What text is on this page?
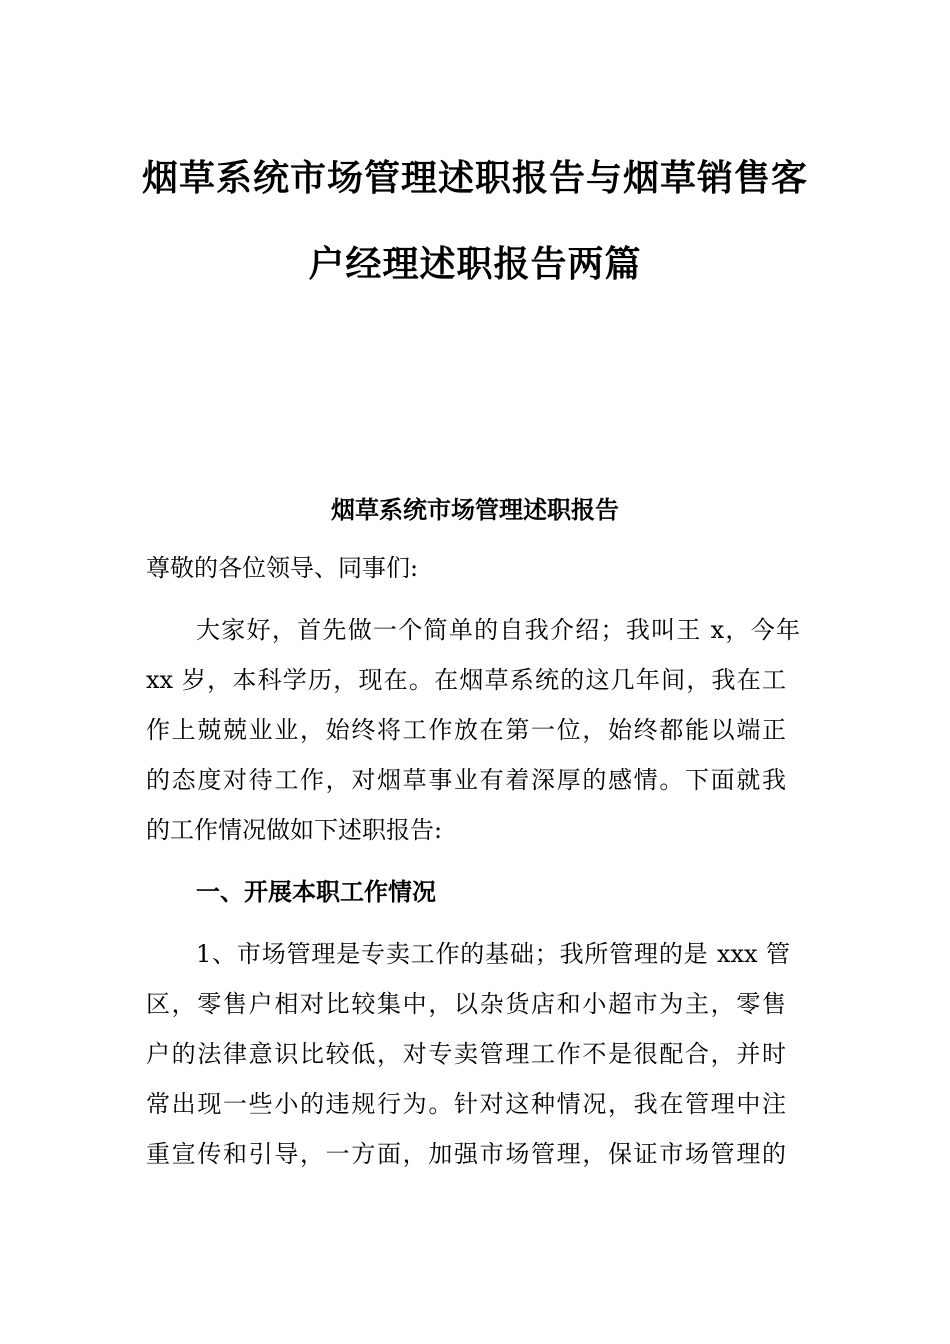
烟草系统市场管理述职报告与烟草销售客
户经理述职报告两篇
烟草系统市场管理述职报告
尊敬的各位领导、同事们:
大家好，首先做一个简单的自我介绍；我叫王 x，今年
xx 岁，本科学历，现在。在烟草系统的这几年间，我在工
作上兢兢业业，始终将工作放在第一位，始终都能以端正
的态度对待工作，对烟草事业有着深厚的感情。下面就我
的工作情况做如下述职报告:
一、开展本职工作情况
1、市场管理是专卖工作的基础；我所管理的是 xxx 管
区，零售户相对比较集中，以杂货店和小超市为主，零售
户的法律意识比较低，对专卖管理工作不是很配合，并时
常出现一些小的违规行为。针对这种情况，我在管理中注
重宣传和引导，一方面，加强市场管理，保证市场管理的
